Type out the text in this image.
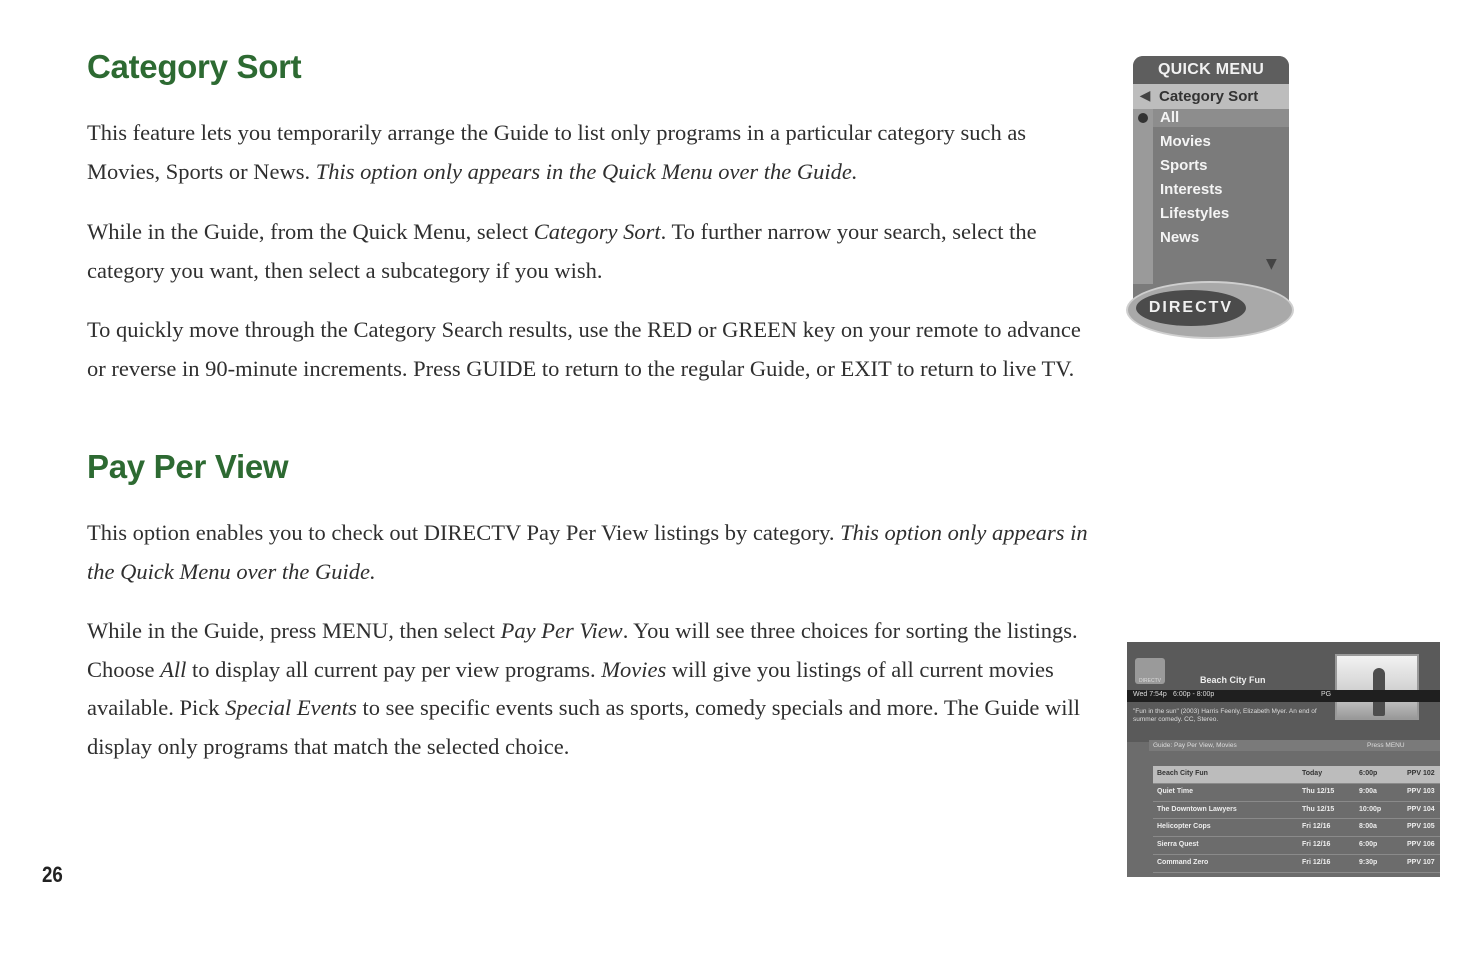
Category Sort

This feature lets you temporarily arrange the Guide to list only programs in a particular category such as Movies, Sports or News. This option only appears in the Quick Menu over the Guide.

While in the Guide, from the Quick Menu, select Category Sort. To further narrow your search, select the category you want, then select a subcategory if you wish.

To quickly move through the Category Search results, use the RED or GREEN key on your remote to advance or reverse in 90-minute increments. Press GUIDE to return to the regular Guide, or EXIT to return to live TV.

Pay Per View

This option enables you to check out DIRECTV Pay Per View listings by category. This option only appears in the Quick Menu over the Guide.

While in the Guide, press MENU, then select Pay Per View. You will see three choices for sorting the listings. Choose All to display all current pay per view programs. Movies will give you listings of all current movies available. Pick Special Events to see specific events such as sports, comedy specials and more. The Guide will display only programs that match the selected choice.

26
QUICK MENU
◀ Category Sort
All
Movies
Sports
Interests
Lifestyles
News
▼
DIRECTV
DIRECTV	Beach City Fun
Wed 7:54p 6:00p - 8:00p	PG
"Fun in the sun" (2003) Harris Feenly, Elizabeth Myer. An end of summer comedy. CC, Stereo.
Guide: Pay Per View, Movies	Press MENU
Beach City Fun	Today	6:00p	PPV 102
Quiet Time	Thu 12/15	9:00a	PPV 103
The Downtown Lawyers	Thu 12/15	10:00p	PPV 104
Helicopter Cops	Fri 12/16	8:00a	PPV 105
Sierra Quest	Fri 12/16	6:00p	PPV 106
Command Zero	Fri 12/16	9:30p	PPV 107
